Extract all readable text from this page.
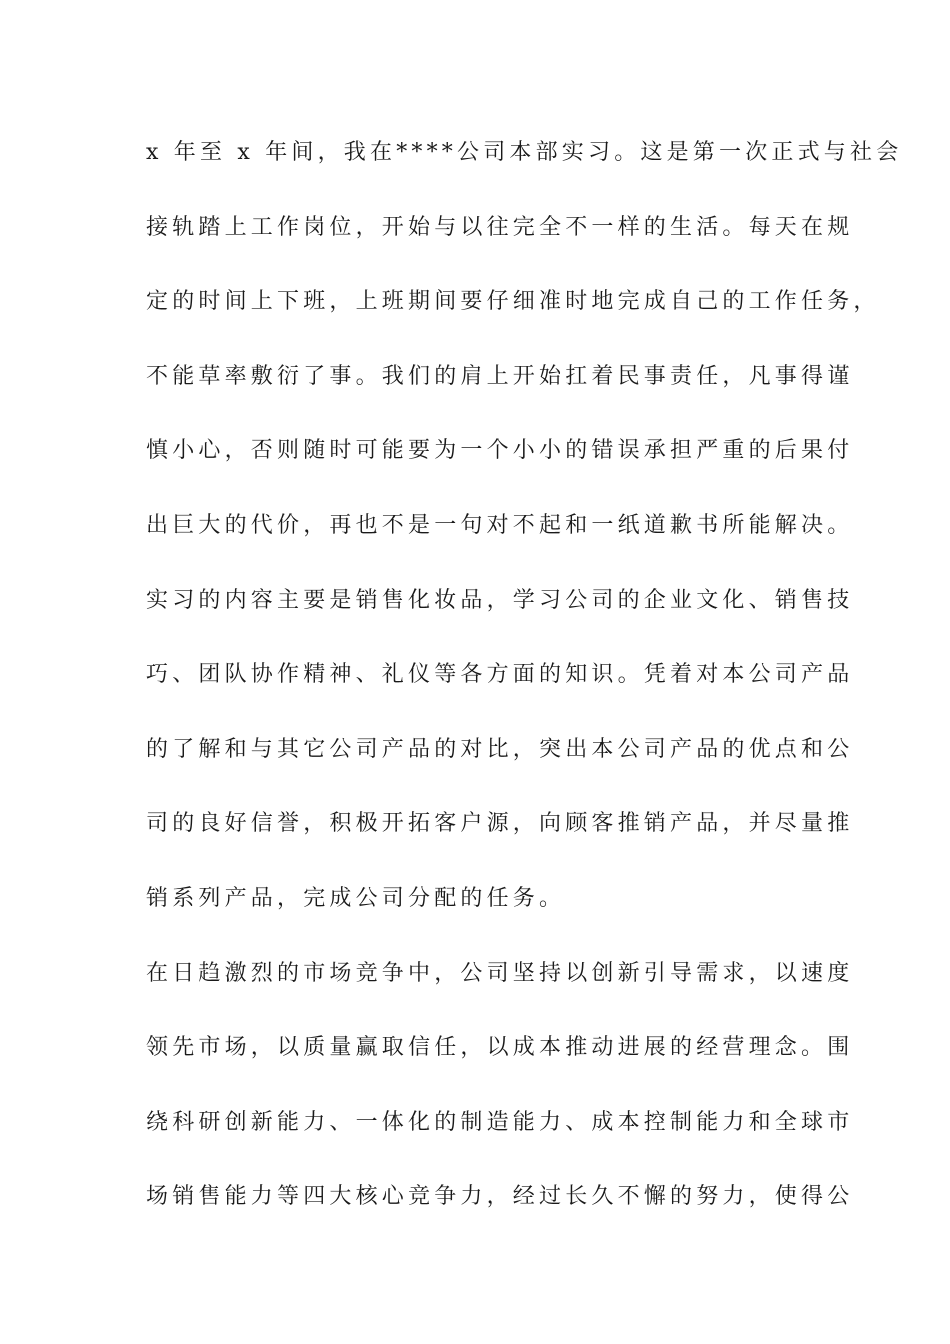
x 年至 x 年间，我在****公司本部实习。这是第一次正式与社会
接轨踏上工作岗位，开始与以往完全不一样的生活。每天在规
定的时间上下班，上班期间要仔细准时地完成自己的工作任务，
不能草率敷衍了事。我们的肩上开始扛着民事责任，凡事得谨
慎小心，否则随时可能要为一个小小的错误承担严重的后果付
出巨大的代价，再也不是一句对不起和一纸道歉书所能解决。
实习的内容主要是销售化妆品，学习公司的企业文化、销售技
巧、团队协作精神、礼仪等各方面的知识。凭着对本公司产品
的了解和与其它公司产品的对比，突出本公司产品的优点和公
司的良好信誉，积极开拓客户源，向顾客推销产品，并尽量推
销系列产品，完成公司分配的任务。
在日趋激烈的市场竞争中，公司坚持以创新引导需求，以速度
领先市场，以质量赢取信任，以成本推动进展的经营理念。围
绕科研创新能力、一体化的制造能力、成本控制能力和全球市
场销售能力等四大核心竞争力，经过长久不懈的努力，使得公
